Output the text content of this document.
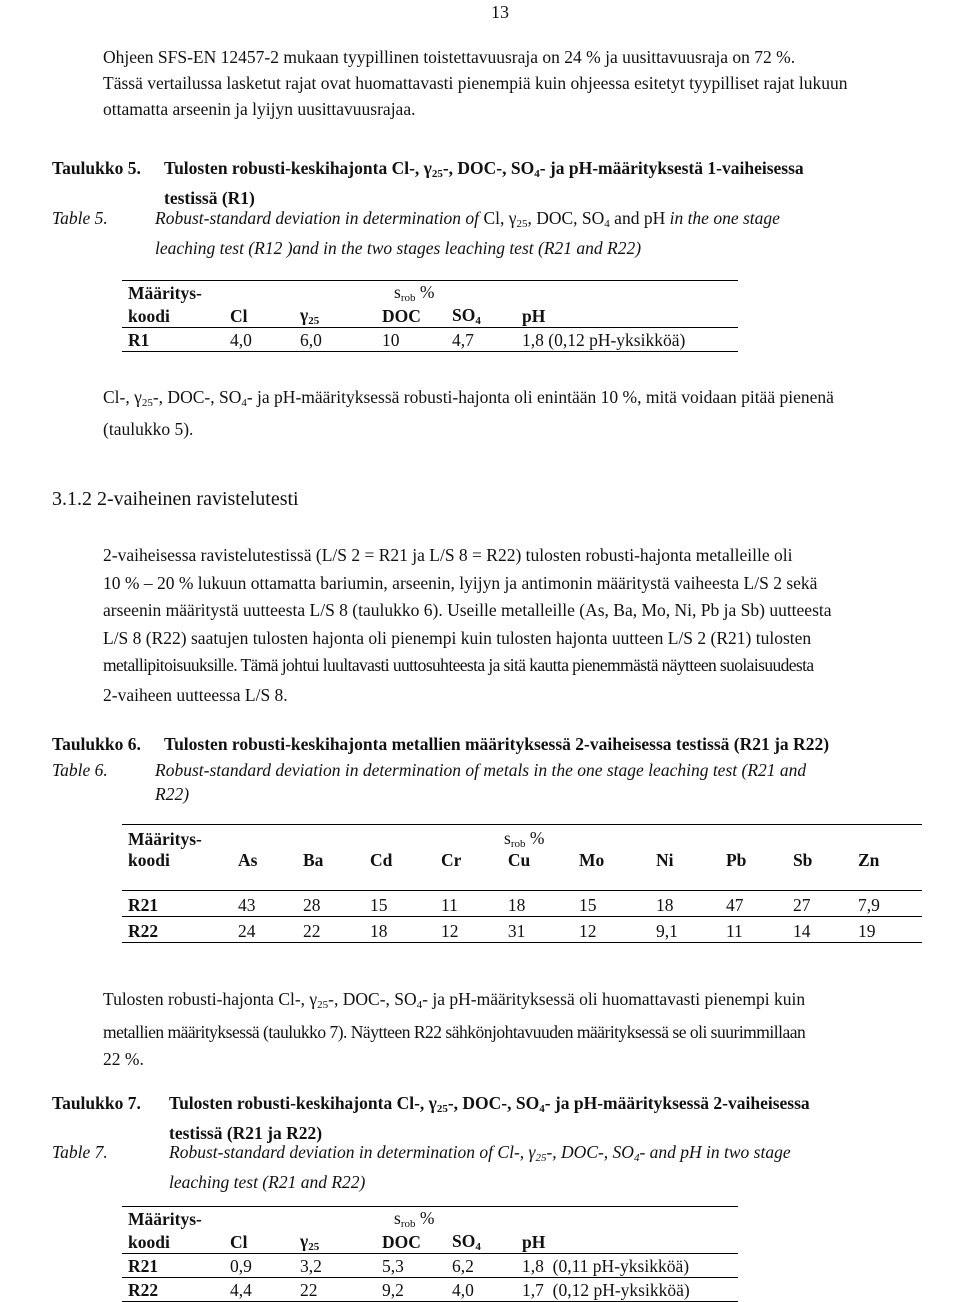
13

Ohjeen SFS-EN 12457-2 mukaan tyypillinen toistettavuusraja on 24 % ja uusittavuusraja on 72 %.

Tässä vertailussa lasketut rajat ovat huomattavasti pienempiä kuin ohjeessa esitetyt tyypilliset rajat lukuun

ottamatta arseenin ja lyijyn uusittavuusrajaa.

Taulukko 5. Tulosten robusti-keskihajonta Cl-, $\gamma_{25}-$, DOC-, $SO_4-$ ja pH-määrityksestä 1-vaiheisessa
testissä (R1)
Table 5.	Robust-standard deviation in determination of Cl, $\gamma_{25}$, DOC, $SO_4$ and pH in the one stage
leaching test (R12 )and in the two stages leaching test (R21 and R22)
Määritys-	$s_{rob}$ %				
koodi	Cl	$\gamma_{25}$	DOC	$SO_4$	pH
R1	4,0	6,0	10	4,7	1,8 (0,12 pH-yksikköä)

Cl-, $\gamma_{25}-$, DOC-, $SO_4-$ ja pH-määrityksessä robusti-hajonta oli enintään 10 %, mitä voidaan pitää pienenä

(taulukko 5).

3.1.2 2-vaiheinen ravistelutesti

2-vaiheisessa ravistelutestissä (L/S 2 = R21 ja L/S 8 = R22) tulosten robusti-hajonta metalleille oli

10 % – 20 % lukuun ottamatta bariumin, arseenin, lyijyn ja antimonin määritystä vaiheesta L/S 2 sekä

arseenin määritystä uutteesta L/S 8 (taulukko 6). Useille metalleille (As, Ba, Mo, Ni, Pb ja Sb) uutteesta

L/S 8 (R22) saatujen tulosten hajonta oli pienempi kuin tulosten hajonta uutteen L/S 2 (R21) tulosten

metallipitoisuuksille. Tämä johtui luultavasti uuttosuhteesta ja sitä kautta pienemmästä näytteen suolaisuudesta

2-vaiheen uutteessa L/S 8.

Taulukko 6. Tulosten robusti-keskihajonta metallien määrityksessä 2-vaiheisessa testissä (R21 ja R22)
Table 6.	Robust-standard deviation in determination of metals in the one stage leaching test (R21 and
R22)
Määritys-	$s_{rob}$ %									
koodi	As	Ba	Cd	Cr	Cu	Mo	Ni	Pb	Sb	Zn
R21	43	28	15	11	18	15	18	47	27	7,9
R22	24	22	18	12	31	12	9,1	11	14	19

Tulosten robusti-hajonta Cl-, $\gamma_{25}-$, DOC-, $SO_4-$ ja pH-määrityksessä oli huomattavasti pienempi kuin

metallien määrityksessä (taulukko 7). Näytteen R22 sähkönjohtavuuden määrityksessä se oli suurimmillaan

22 %.

Taulukko 7. Tulosten robusti-keskihajonta Cl-, $\gamma_{25}-$, DOC-, $SO_4-$ ja pH-määrityksessä 2-vaiheisessa
testissä (R21 ja R22)
Table 7.	Robust-standard deviation in determination of Cl-, $\gamma_{25}-$, DOC-, $SO_4-$ and pH in two stage
leaching test (R21 and R22)
Määritys-	$s_{rob}$ %				
koodi	Cl	$\gamma_{25}$	DOC	$SO_4$	pH
R21	0,9	3,2	5,3	6,2	1,8  (0,11 pH-yksikköä)
R22	4,4	22	9,2	4,0	1,7  (0,12 pH-yksikköä)
